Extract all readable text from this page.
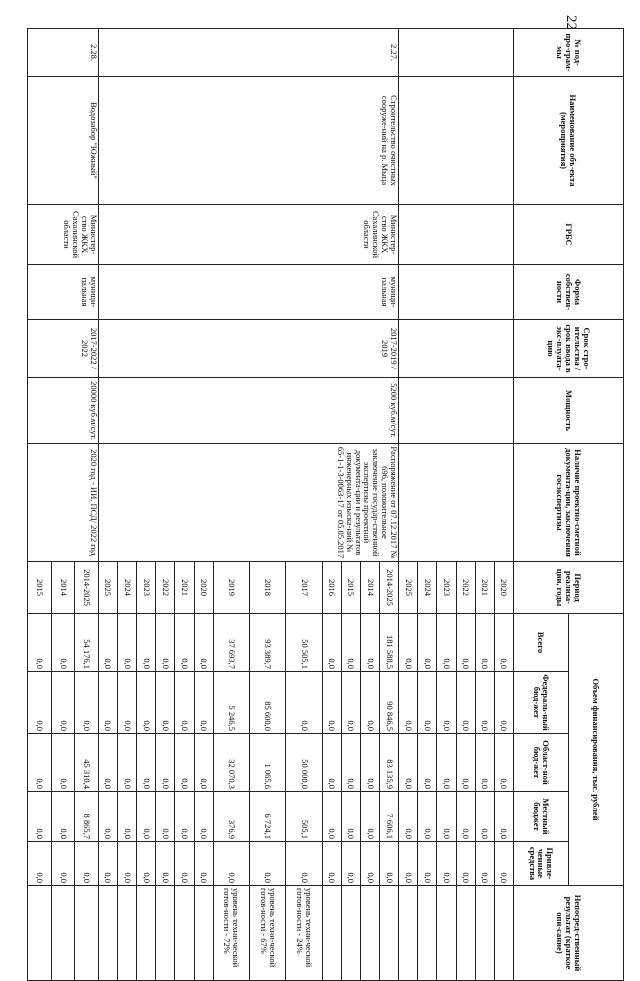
22
№ под-про-грам-мы	Наименование объ-екта (мероприятия)	ГРБС	Форма собствен-ности	Срок стро-ительства / срок ввода в экс-плуата-цию	Мощность	Наличие проектно-сметной документа-ции, заключения госэкспертизы	Период реализа-ции, годы	Объем финансирования, тыс. рублей					Непосред-ственный результат (краткое опи-сание)
								Всего	Федераль-ный бюд-жет	Област-ной бюд-жет	Местный бюджет	Привле-ченные средства	
							2020	0,0	0,0	0,0	0,0	0,0	
							2021	0,0	0,0	0,0	0,0	0,0	
							2022	0,0	0,0	0,0	0,0	0,0	
							2023	0,0	0,0	0,0	0,0	0,0	
							2024	0,0	0,0	0,0	0,0	0,0	
							2025	0,0	0,0	0,0	0,0	0,0	
2.27.	Строительство очистных сооруже-ний на р. Мыца	Министер-ство ЖКХ Сахалинской области	муници-пальная	2017-2019 / 2019	5200 куб.м/сут.	Распоряжение от 07.12.2017 № 696, положительное заключение государ-ственной экспертизы проектной документа-ции и результатов инженерных изыска-ний № 65-1-1-3-0063-17 от 05.05.2017	2014-2025	181 588,5	90 846,5	83 135,9	7 606,1	0,0	
							2014	0,0	0,0	0,0	0,0	0,0	
							2015	0,0	0,0	0,0	0,0	0,0	
							2016	0,0	0,0	0,0	0,0	0,0	
							2017	50 505,1	0,0	50 000,0	505,1	0,0	уровень техни-ческой готов-ности - 24%
							2018	93 389,7	85 600,0	1 065,6	6 724,1	0,0	уровень техни-ческой готов-ности - 67%
							2019	37 693,7	5 246,5	32 070,3	376,9	0,0	уровень техни-ческой готов-ности - 72%
							2020	0,0	0,0	0,0	0,0	0,0	
							2021	0,0	0,0	0,0	0,0	0,0	
							2022	0,0	0,0	0,0	0,0	0,0	
							2023	0,0	0,0	0,0	0,0	0,0	
							2024	0,0	0,0	0,0	0,0	0,0	
							2025	0,0	0,0	0,0	0,0	0,0	
2.28.	Водозабор "Южный"	Министер-ство ЖКХ Сахалинской области	муници-пальная	2017-2022 / 2022	20000 куб.м/сут.	2020 год - ИИ, ПСД/ 2022 год	2014-2025	54 176,1	0,0	45 310,4	8 865,7	0,0	
							2014	0,0	0,0	0,0	0,0	0,0	
							2015	0,0	0,0	0,0	0,0	0,0	
